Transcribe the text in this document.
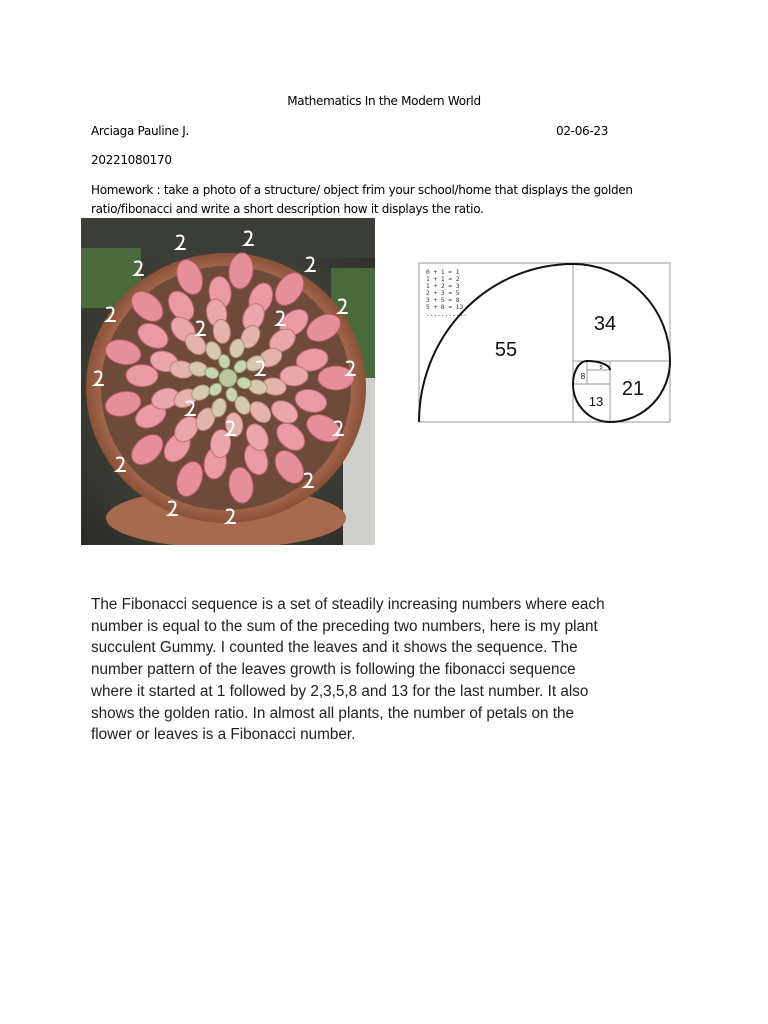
Mathematics In the Modern World
Arciaga Pauline J.	02-06-23
20221080170
Homework : take a photo of a structure/ object frim your school/home that displays the golden
ratio/fibonacci and write a short description how it displays the ratio.
0 + 1 = 1
1 + 1 = 2
1 + 2 = 3
2 + 3 = 5
3 + 5 = 8
5 + 8 = 13
...........
55
34
21
13
8
5
The Fibonacci sequence is a set of steadily increasing numbers where each
number is equal to the sum of the preceding two numbers, here is my plant
succulent Gummy. I counted the leaves and it shows the sequence. The
number pattern of the leaves growth is following the fibonacci sequence
where it started at 1 followed by 2,3,5,8 and 13 for the last number. It also
shows the golden ratio. In almost all plants, the number of petals on the
flower or leaves is a Fibonacci number.
